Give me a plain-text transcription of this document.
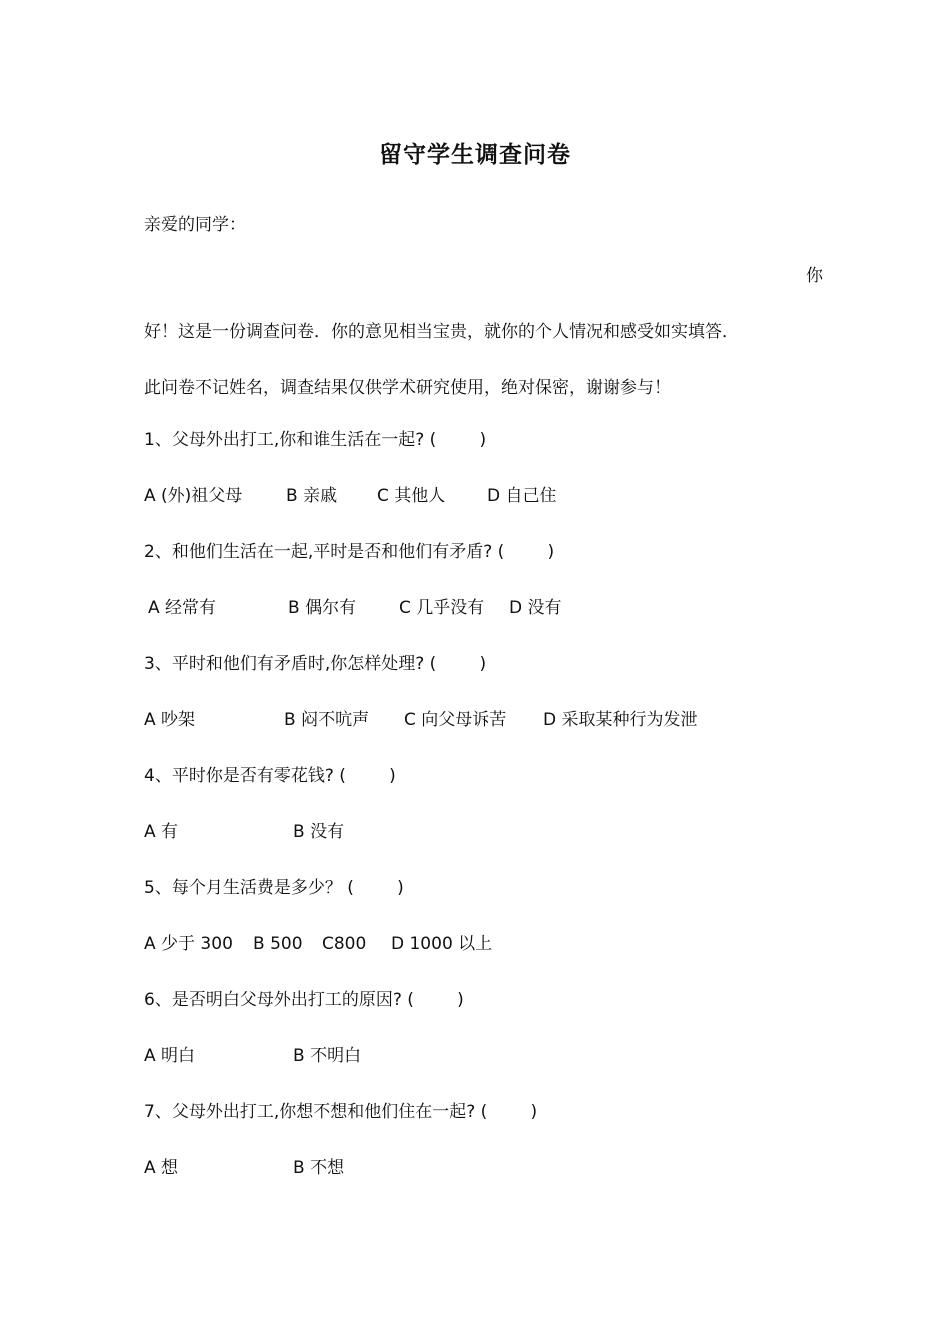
留守学生调查问卷
亲爱的同学：
你
好！这是一份调查问卷．你的意见相当宝贵，就你的个人情况和感受如实填答．
此问卷不记姓名，调查结果仅供学术研究使用，绝对保密，谢谢参与！
1、父母外出打工,你和谁生活在一起? (        )
A (外)祖父母	B 亲戚 C 其他人 D 自己住
2、和他们生活在一起,平时是否和他们有矛盾? (        )
A 经常有	B 偶尔有	C 几乎没有 D 没有
3、平时和他们有矛盾时,你怎样处理? (        )
A 吵架	B 闷不吭声 C 向父母诉苦 D 采取某种行为发泄
4、平时你是否有零花钱? (        )
A 有	B 没有
5、每个月生活费是多少？ (        )
A 少于 300 B 500 C800 D 1000 以上
6、是否明白父母外出打工的原因? (        )
A 明白	B 不明白
7、父母外出打工,你想不想和他们住在一起? (        )
A 想	B 不想
